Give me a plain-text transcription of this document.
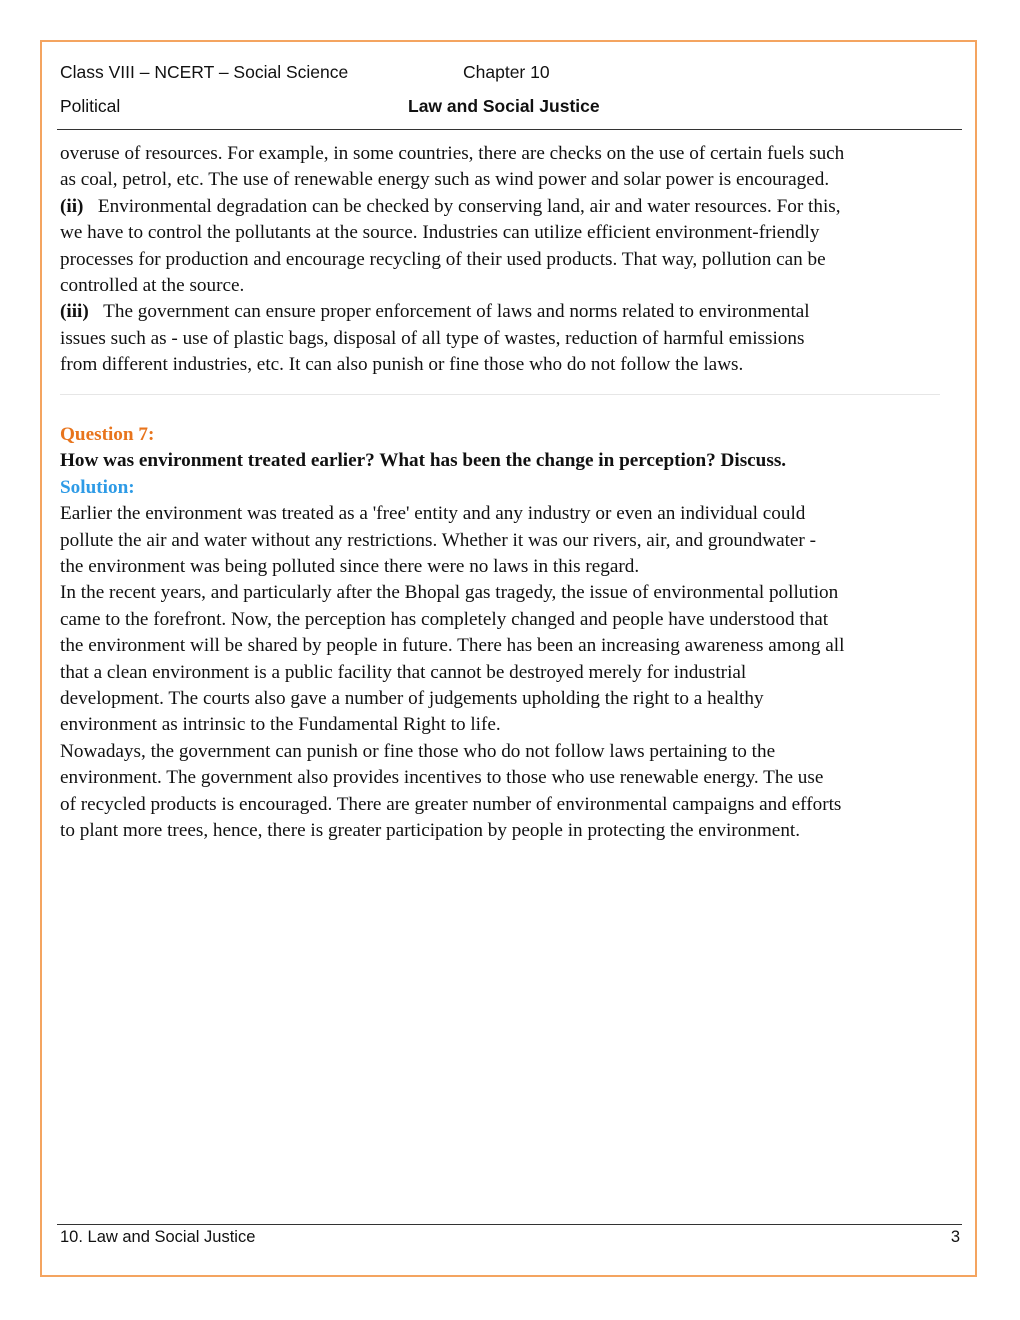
Class VIII – NCERT – Social Science	Chapter 10
Political	Law and Social Justice

overuse of resources. For example, in some countries, there are checks on the use of certain fuels such

as coal, petrol, etc. The use of renewable energy such as wind power and solar power is encouraged.

(ii) Environmental degradation can be checked by conserving land, air and water resources. For this,

we have to control the pollutants at the source. Industries can utilize efficient environment-friendly

processes for production and encourage recycling of their used products. That way, pollution can be

controlled at the source.

(iii) The government can ensure proper enforcement of laws and norms related to environmental

issues such as - use of plastic bags, disposal of all type of wastes, reduction of harmful emissions

from different industries, etc. It can also punish or fine those who do not follow the laws.

Question 7:

How was environment treated earlier? What has been the change in perception? Discuss.

Solution:

Earlier the environment was treated as a 'free' entity and any industry or even an individual could

pollute the air and water without any restrictions. Whether it was our rivers, air, and groundwater -

the environment was being polluted since there were no laws in this regard.

In the recent years, and particularly after the Bhopal gas tragedy, the issue of environmental pollution

came to the forefront. Now, the perception has completely changed and people have understood that

the environment will be shared by people in future. There has been an increasing awareness among all

that a clean environment is a public facility that cannot be destroyed merely for industrial

development. The courts also gave a number of judgements upholding the right to a healthy

environment as intrinsic to the Fundamental Right to life.

Nowadays, the government can punish or fine those who do not follow laws pertaining to the

environment. The government also provides incentives to those who use renewable energy. The use

of recycled products is encouraged. There are greater number of environmental campaigns and efforts

to plant more trees, hence, there is greater participation by people in protecting the environment.

10. Law and Social Justice	3
